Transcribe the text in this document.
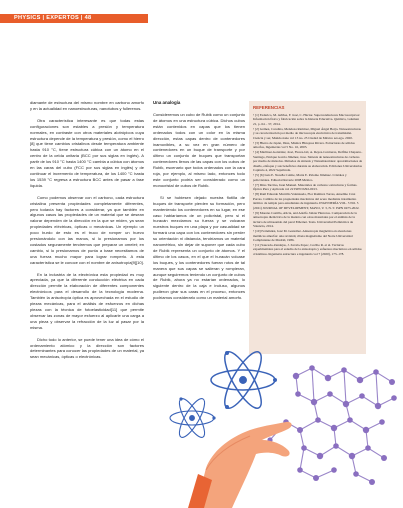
PHYSICS | EXPERTOS | 48

diamante de estructura del mismo nombre en carbono amorfo y en la actualidad en nanoestructuras, nanotubos y fullerenos.

Otra característica interesante es que todas estas configuraciones son estables a presión y temperatura normales, en contraste con otros materiales alotrópicos cuya estructura depende de la temperatura y presión, como el hierro [8] que tiene cambios cristalinos desde temperatura ambiente hasta 910 °C, tiene estructura cúbica con un átomo en el centro de la celda unitaria (BCC por sus siglas en inglés). A partir de los 910 °C hasta 1400 °C cambia a cúbica con átomos en las caras del cubo (FCC por sus siglas en inglés) y de continuar el incremento de temperatura, de los 1400 °C hasta los 1539 °C regresa a estructura BCC antes de pasar a fase líquida.

Como podemos observar con el carbono, cada estructura cristalina presenta propiedades completamente diferentes, pero todavía hay factores a considerar, ya que también en algunos casos las propiedades de un material que se desean valorar dependen de la dirección en la que se miden, ya sean propiedades eléctricas, ópticas o mecánicas. Un ejemplo un poco burdo de esto es el truco de romper un huevo presionándolo con las manos, si lo presionamos por los costados seguramente tendremos que preparar un omelet; en cambio, si lo presionamos de punta a base necesitamos de una fuerza mucho mayor para lograr romperlo. A esta característica se le conoce con el nombre de anisotropía[9][10].

En la industria de la electrónica esta propiedad es muy apreciada, ya que la diferente conducción eléctrica en cada dirección permite la elaboración de diferentes componentes electrónicos para el desarrollo de la tecnología moderna. También la anisotropía óptica es aprovechada en el estudio de piezas mecánicas, para el análisis de esfuerzos en dichas piezas con la técnica de fotoelasticidad[11] que permite observar las zonas de mayor esfuerzo al aplicarle una carga a una pieza y observar la refracción de la luz al pasar por la misma.

Dicho todo lo anterior, se puede tener una idea de cómo el ordenamiento atómico y la dirección son factores determinantes para conocer las propiedades de un material, ya sean mecánicas, ópticas o electrónicas.

Una analogía

Consideremos un cubo de Rubik como un conjunto de átomos en una estructura cúbica. Dichos cubos están contenidos en capas que los tienen ordenados todos con un color en la misma dirección, estas capas dentro de contenedores inamovibles, a su vez en gran número de contenedores en un buque de transporte y por último un conjunto de buques que transportan contenedores llenos de las capas con los cubos de Rubik, escenario que todos ordenados con la cara roja, por ejemplo, al mismo lado, entonces todo este conjunto podría ser considerado como un monocristal de cubos de Rubik.

Si se hubiesen dejado nuestra flotilla de buques de transporte pierden su formación, pero manteniendo los contenedores en su lugar, en ese caso hablaríamos de un policristal, pero si el huracán mezclamos su fuerza y se volcaran nuestros buques en una playa y por casualidad se formará una capa con los contenedores sin perder su orientación ni distancia, tendríamos un material nanométrico, sin dejar de suponer que cada cubo de Rubik representa un conjunto de átomos. Y el último de los casos, en el que el huracán volcase los buques, y los contenedores fueran rotos de tal manera que sus capas se salieran y rompieran, aunque seguiremos teniendo un conjunto de cubos de Rubik, ahora ya no estarían ordenados, lo siguiente dentro de la caja e incluso, algunos pudieron girar sus caras en el proceso, entonces podríamos considerarlo como un material amorfo.

REFERENCIAS
• [1] Federico, M. Aviñoa, F. José, C. Héctor. Superconductores Macroscópicos: Información física y fabricación sobre la historia Educativa. Química, volumen 21, p. 64 – 37, 2014.
• [2] Gómez, Carolina, Mendoza Ramírez, Miguel Ángel Borja. Nanoestructuras y su caracterización por medio de microscopía electrónica de transmisión. Ciencia y ser, Mundo nano vol 13 no. 25 Ciudad de México set-ago. 2020.
• [3] Hierro de Japón, Ibías, Mónica Hinojosa Rivera. Estructuras de sólidos amorfos, Ingenierías vol 5 No. 16, 2003.
• [4] Martínez-González, José, Flores-Gil, A. Reyes-Contreras, Delfina Chaparro-Santiago, Enrique García Jiménez, Jose. Síntesis de nanoestructuras de carbono por medio de métodos. Métodos de síntesis y Nanomateriales: aproximaciones de diseño, enfoque y sus beneficios durante su elaboración. Ediciones Universitarias Capítulo 4, 2022 Sepúlveda.
• [5] [6] Luis E. Noreña Colme, Marta E. Palomo Jiménez. Cristales y policristales. Editorial Reverte 2008 México.
• [7] Dino Tarcino, Juan Manuel. Materiales de carbono: estructuras y formas. Óptica Pura y Aplicada vol 22 ISPN 0292-0013.
• [8] Raúl Eduardo Murrillo Valenzuela, Flor Ramírez Torres, Anselmo Cruz Porras. Cambio de las propiedades mecánicas del acero mediante tratamiento térmico de temple para estudiantes de ingeniería. INGENIERÍA VOL. 3 NO. 5 (2021) JOURNAL OF DEVELOPMENT, MAYO, V. 3, N. 5: ISPN 0475-2022.
• [9] Moreno Castillo, Alicia, and Adolfo Jaltzer Herreros. Comparación de la anisotropía dieléctrica de la madera con otros materiales por el análisis de la técnica de ultrasonido del peral Ethernet. Tesis. Universidad Politécnica de Valencia, 2014.
• [10] Fernández, José M. González. Anisotropía magnética en aleaciones metálicas amorfas: una revisión; ribeta magnetismo del Norte Universidad Complutense de Madrid, 1986.
• [11] Saucedo-Zendejas, J. Zavala-Tepec, Cecilio R. et al. Técnicas experimentales para el estudio de la anisotropía y esfuerzos mecánicos en sólidos cristalinos. Ingeniería estructura e ingeniería vol 7 (2020), 173–178.
